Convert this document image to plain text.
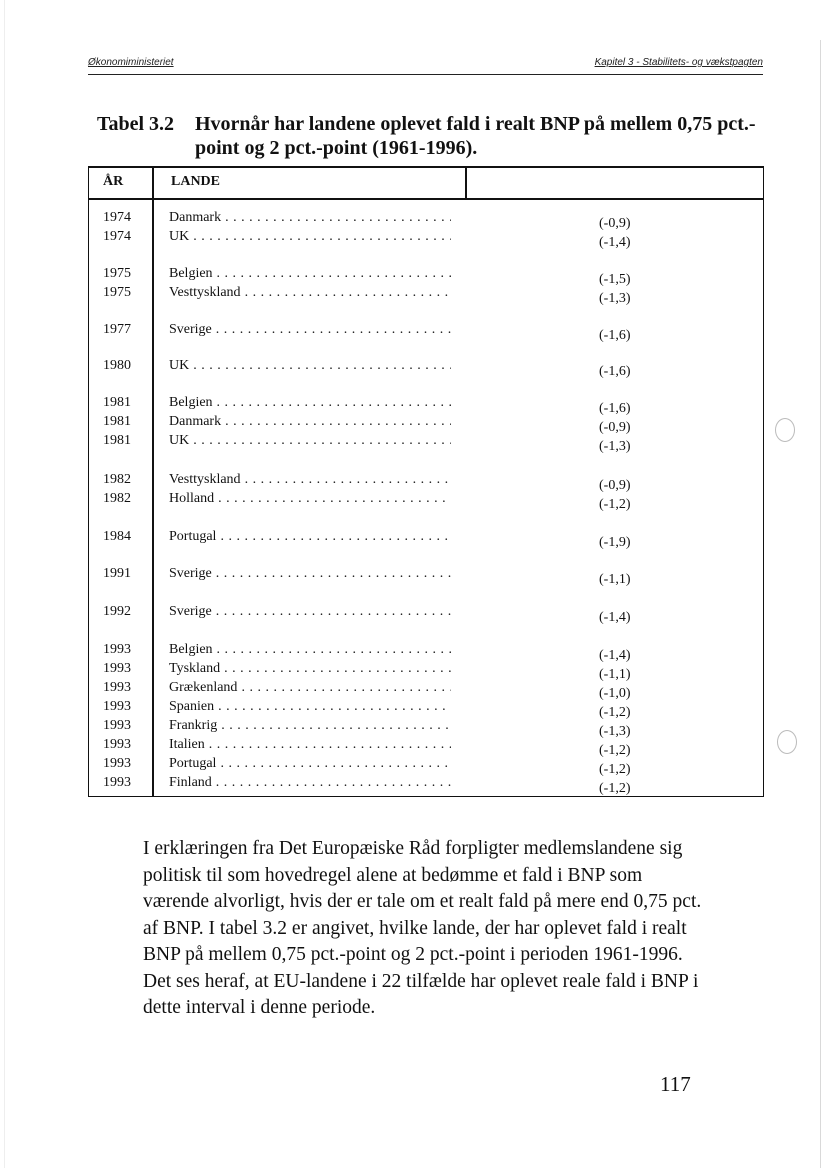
Økonomiministeriet	Kapitel 3 - Stabilitets- og vækstpagten
Tabel 3.2 Hvornår har landene oplevet fald i realt BNP på mellem 0,75 pct.-point og 2 pct.-point (1961-1996).
ÅR	LANDE
1974	Danmark . . .	(-0,9)
1974	UK . . .	(-1,4)
1975	Belgien . . .	(-1,5)
1975	Vesttyskland . . .	(-1,3)
1977	Sverige . . .	(-1,6)
1980	UK . . .	(-1,6)
1981	Belgien . . .	(-1,6)
1981	Danmark . . .	(-0,9)
1981	UK . . .	(-1,3)
1982	Vesttyskland . . .	(-0,9)
1982	Holland . . .	(-1,2)
1984	Portugal . . .	(-1,9)
1991	Sverige . . .	(-1,1)
1992	Sverige . . .	(-1,4)
1993	Belgien . . .	(-1,4)
1993	Tyskland . . .	(-1,1)
1993	Grækenland . . .	(-1,0)
1993	Spanien . . .	(-1,2)
1993	Frankrig . . .	(-1,3)
1993	Italien . . .	(-1,2)
1993	Portugal . . .	(-1,2)
1993	Finland . . .	(-1,2)
I erklæringen fra Det Europæiske Råd forpligter medlemslandene sig politisk til som hovedregel alene at bedømme et fald i BNP som værende alvorligt, hvis der er tale om et realt fald på mere end 0,75 pct. af BNP. I tabel 3.2 er angivet, hvilke lande, der har oplevet fald i realt BNP på mellem 0,75 pct.-point og 2 pct.-point i perioden 1961-1996. Det ses heraf, at EU-landene i 22 tilfælde har oplevet reale fald i BNP i dette interval i denne periode.
117
